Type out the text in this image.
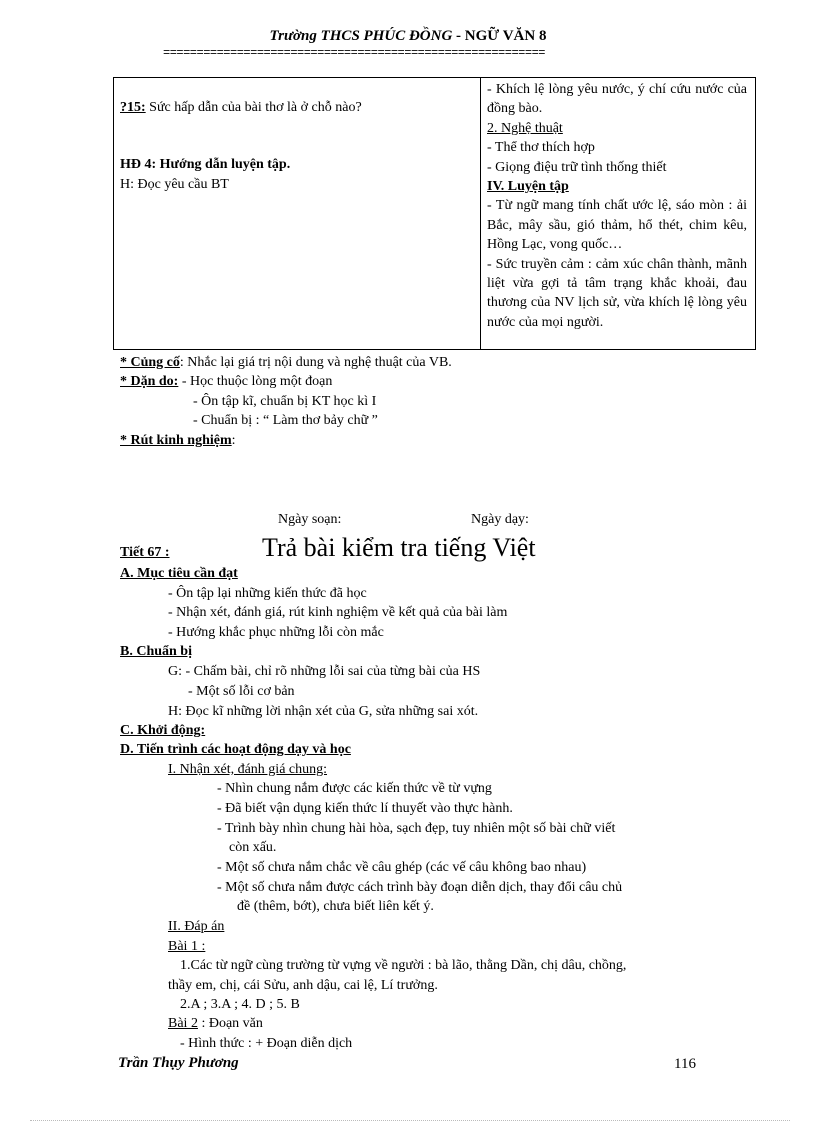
Trường THCS PHÚC ĐỒNG - NGỮ VĂN 8
=========================================================
?15: Sức hấp dẫn của bài thơ là ở chỗ nào?
HĐ 4: Hướng dẫn luyện tập.
H: Đọc yêu cầu BT

- Khích lệ lòng yêu nước, ý chí cứu nước của đồng bào.
2. Nghệ thuật
- Thể thơ thích hợp
- Giọng điệu trữ tình thống thiết
IV. Luyện tập
- Từ ngữ mang tính chất ước lệ, sáo mòn : ải Bắc, mây sầu, gió thảm, hổ thét, chim kêu, Hồng Lạc, vong quốc…
- Sức truyền cảm : cảm xúc chân thành, mãnh liệt vừa gợi tả tâm trạng khắc khoải, đau thương của NV lịch sử, vừa khích lệ lòng yêu nước của mọi người.
* Củng cố: Nhắc lại giá trị nội dung và nghệ thuật của VB.
* Dặn do: - Học thuộc lòng một đoạn
- Ôn tập kĩ, chuẩn bị KT học kì I
- Chuẩn bị : “ Làm thơ bảy chữ ”
* Rút kinh nghiệm:
Ngày soạn:	Ngày dạy:
Tiết 67 :	Trả bài kiểm tra tiếng Việt
A. Mục tiêu cần đạt
- Ôn tập lại những kiến thức đã học
- Nhận xét, đánh giá, rút kinh nghiệm về kết quả của bài làm
- Hướng khắc phục những lỗi còn mắc
B. Chuẩn bị
G: - Chấm bài, chỉ rõ những lỗi sai của từng bài của HS
- Một số lỗi cơ bản
H: Đọc kĩ những lời nhận xét của G, sửa những sai xót.
C. Khởi động:
D. Tiến trình các hoạt động dạy và học
I. Nhận xét, đánh giá chung:
- Nhìn chung nắm được các kiến thức về từ vựng
- Đã biết vận dụng kiến thức lí thuyết vào thực hành.
- Trình bày nhìn chung hài hòa, sạch đẹp, tuy nhiên một số bài chữ viết
còn xấu.
- Một số chưa nắm chắc về câu ghép (các vế câu không bao nhau)
- Một số chưa nắm được cách trình bày đoạn diễn dịch, thay đổi câu chủ
đề (thêm, bớt), chưa biết liên kết ý.
II. Đáp án
Bài 1 :
1.Các từ ngữ cùng trường từ vựng về người : bà lão, thằng Dần, chị dâu, chồng,
thầy em, chị, cái Sửu, anh dậu, cai lệ, Lí trưởng.
2.A ; 3.A ; 4. D ; 5. B
Bài 2 : Đoạn văn
- Hình thức : + Đoạn diễn dịch
Trần Thụy Phương	116
